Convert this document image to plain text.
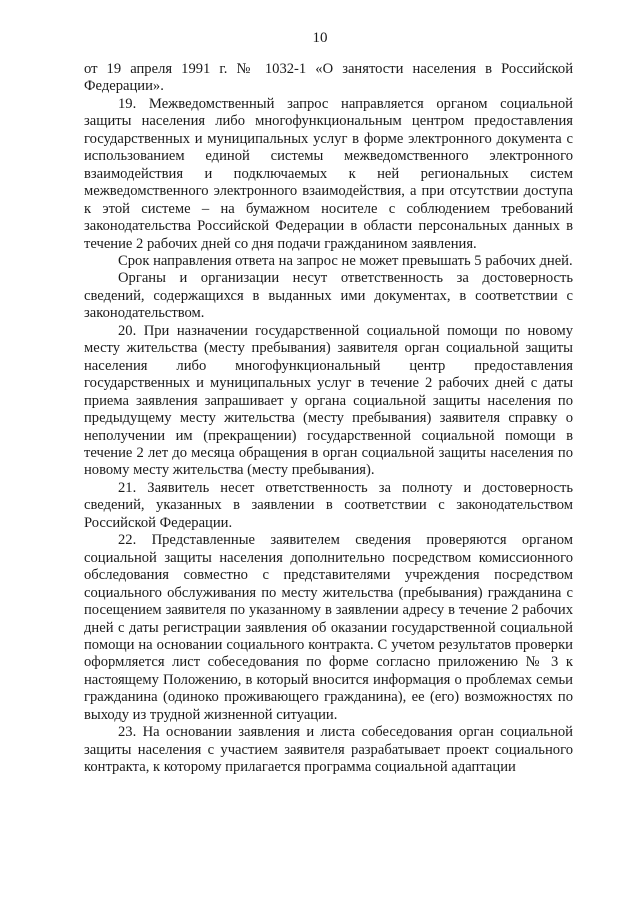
10

от 19 апреля 1991 г. № 1032-1 «О занятости населения в Российской Федерации».

19. Межведомственный запрос направляется органом социальной защиты населения либо многофункциональным центром предоставления государственных и муниципальных услуг в форме электронного документа с использованием единой системы межведомственного электронного взаимодействия и подключаемых к ней региональных систем межведомственного электронного взаимодействия, а при отсутствии доступа к этой системе – на бумажном носителе с соблюдением требований законодательства Российской Федерации в области персональных данных в течение 2 рабочих дней со дня подачи гражданином заявления.

Срок направления ответа на запрос не может превышать 5 рабочих дней.

Органы и организации несут ответственность за достоверность сведений, содержащихся в выданных ими документах, в соответствии с законодательством.

20. При назначении государственной социальной помощи по новому месту жительства (месту пребывания) заявителя орган социальной защиты населения либо многофункциональный центр предоставления государственных и муниципальных услуг в течение 2 рабочих дней с даты приема заявления запрашивает у органа социальной защиты населения по предыдущему месту жительства (месту пребывания) заявителя справку о неполучении им (прекращении) государственной социальной помощи в течение 2 лет до месяца обращения в орган социальной защиты населения по новому месту жительства (месту пребывания).

21. Заявитель несет ответственность за полноту и достоверность сведений, указанных в заявлении в соответствии с законодательством Российской Федерации.

22. Представленные заявителем сведения проверяются органом социальной защиты населения дополнительно посредством комиссионного обследования совместно с представителями учреждения посредством социального обслуживания по месту жительства (пребывания) гражданина с посещением заявителя по указанному в заявлении адресу в течение 2 рабочих дней с даты регистрации заявления об оказании государственной социальной помощи на основании социального контракта. С учетом результатов проверки оформляется лист собеседования по форме согласно приложению № 3 к настоящему Положению, в который вносится информация о проблемах семьи гражданина (одиноко проживающего гражданина), ее (его) возможностях по выходу из трудной жизненной ситуации.

23. На основании заявления и листа собеседования орган социальной защиты населения с участием заявителя разрабатывает проект социального контракта, к которому прилагается программа социальной адаптации
